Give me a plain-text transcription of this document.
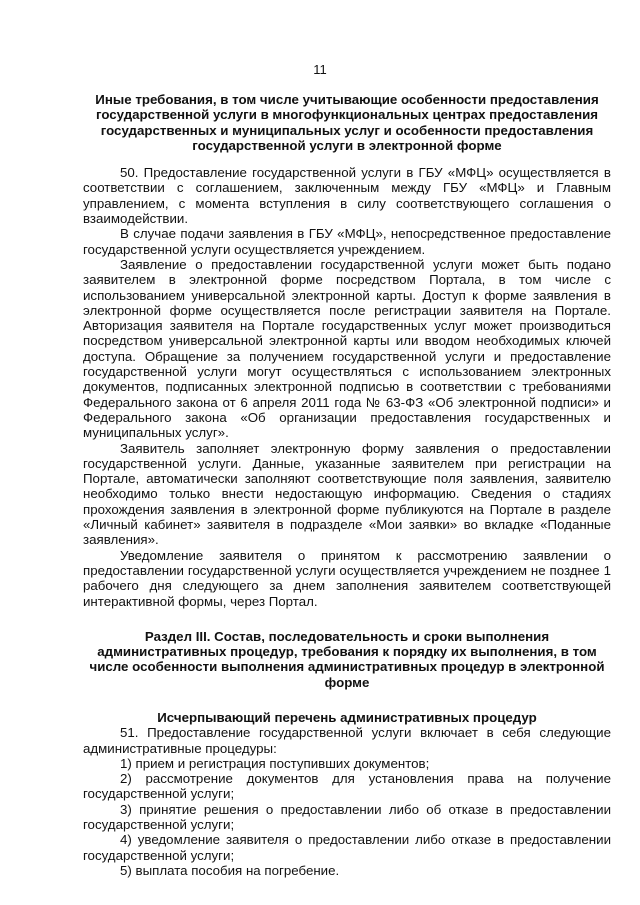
11

Иные требования, в том числе учитывающие особенности предоставления государственной услуги в многофункциональных центрах предоставления государственных и муниципальных услуг и особенности предоставления государственной услуги в электронной форме

50. Предоставление государственной услуги в ГБУ «МФЦ» осуществляется в соответствии с соглашением, заключенным между ГБУ «МФЦ» и Главным управлением, с момента вступления в силу соответствующего соглашения о взаимодействии.

В случае подачи заявления в ГБУ «МФЦ», непосредственное предоставление государственной услуги осуществляется учреждением.

Заявление о предоставлении государственной услуги может быть подано заявителем в электронной форме посредством Портала, в том числе с использованием универсальной электронной карты. Доступ к форме заявления в электронной форме осуществляется после регистрации заявителя на Портале. Авторизация заявителя на Портале государственных услуг может производиться посредством универсальной электронной карты или вводом необходимых ключей доступа. Обращение за получением государственной услуги и предоставление государственной услуги могут осуществляться с использованием электронных документов, подписанных электронной подписью в соответствии с требованиями Федерального закона от 6 апреля 2011 года № 63-ФЗ «Об электронной подписи» и Федерального закона «Об организации предоставления государственных и муниципальных услуг».

Заявитель заполняет электронную форму заявления о предоставлении государственной услуги. Данные, указанные заявителем при регистрации на Портале, автоматически заполняют соответствующие поля заявления, заявителю необходимо только внести недостающую информацию. Сведения о стадиях прохождения заявления в электронной форме публикуются на Портале в разделе «Личный кабинет» заявителя в подразделе «Мои заявки» во вкладке «Поданные заявления».

Уведомление заявителя о принятом к рассмотрению заявлении о предоставлении государственной услуги осуществляется учреждением не позднее 1 рабочего дня следующего за днем заполнения заявителем соответствующей интерактивной формы, через Портал.

Раздел III. Состав, последовательность и сроки выполнения административных процедур, требования к порядку их выполнения, в том числе особенности выполнения административных процедур в электронной форме

Исчерпывающий перечень административных процедур

51. Предоставление государственной услуги включает в себя следующие административные процедуры:

1) прием и регистрация поступивших документов;

2) рассмотрение документов для установления права на получение государственной услуги;

3) принятие решения о предоставлении либо об отказе в предоставлении государственной услуги;

4) уведомление заявителя о предоставлении либо отказе в предоставлении государственной услуги;

5) выплата пособия на погребение.
